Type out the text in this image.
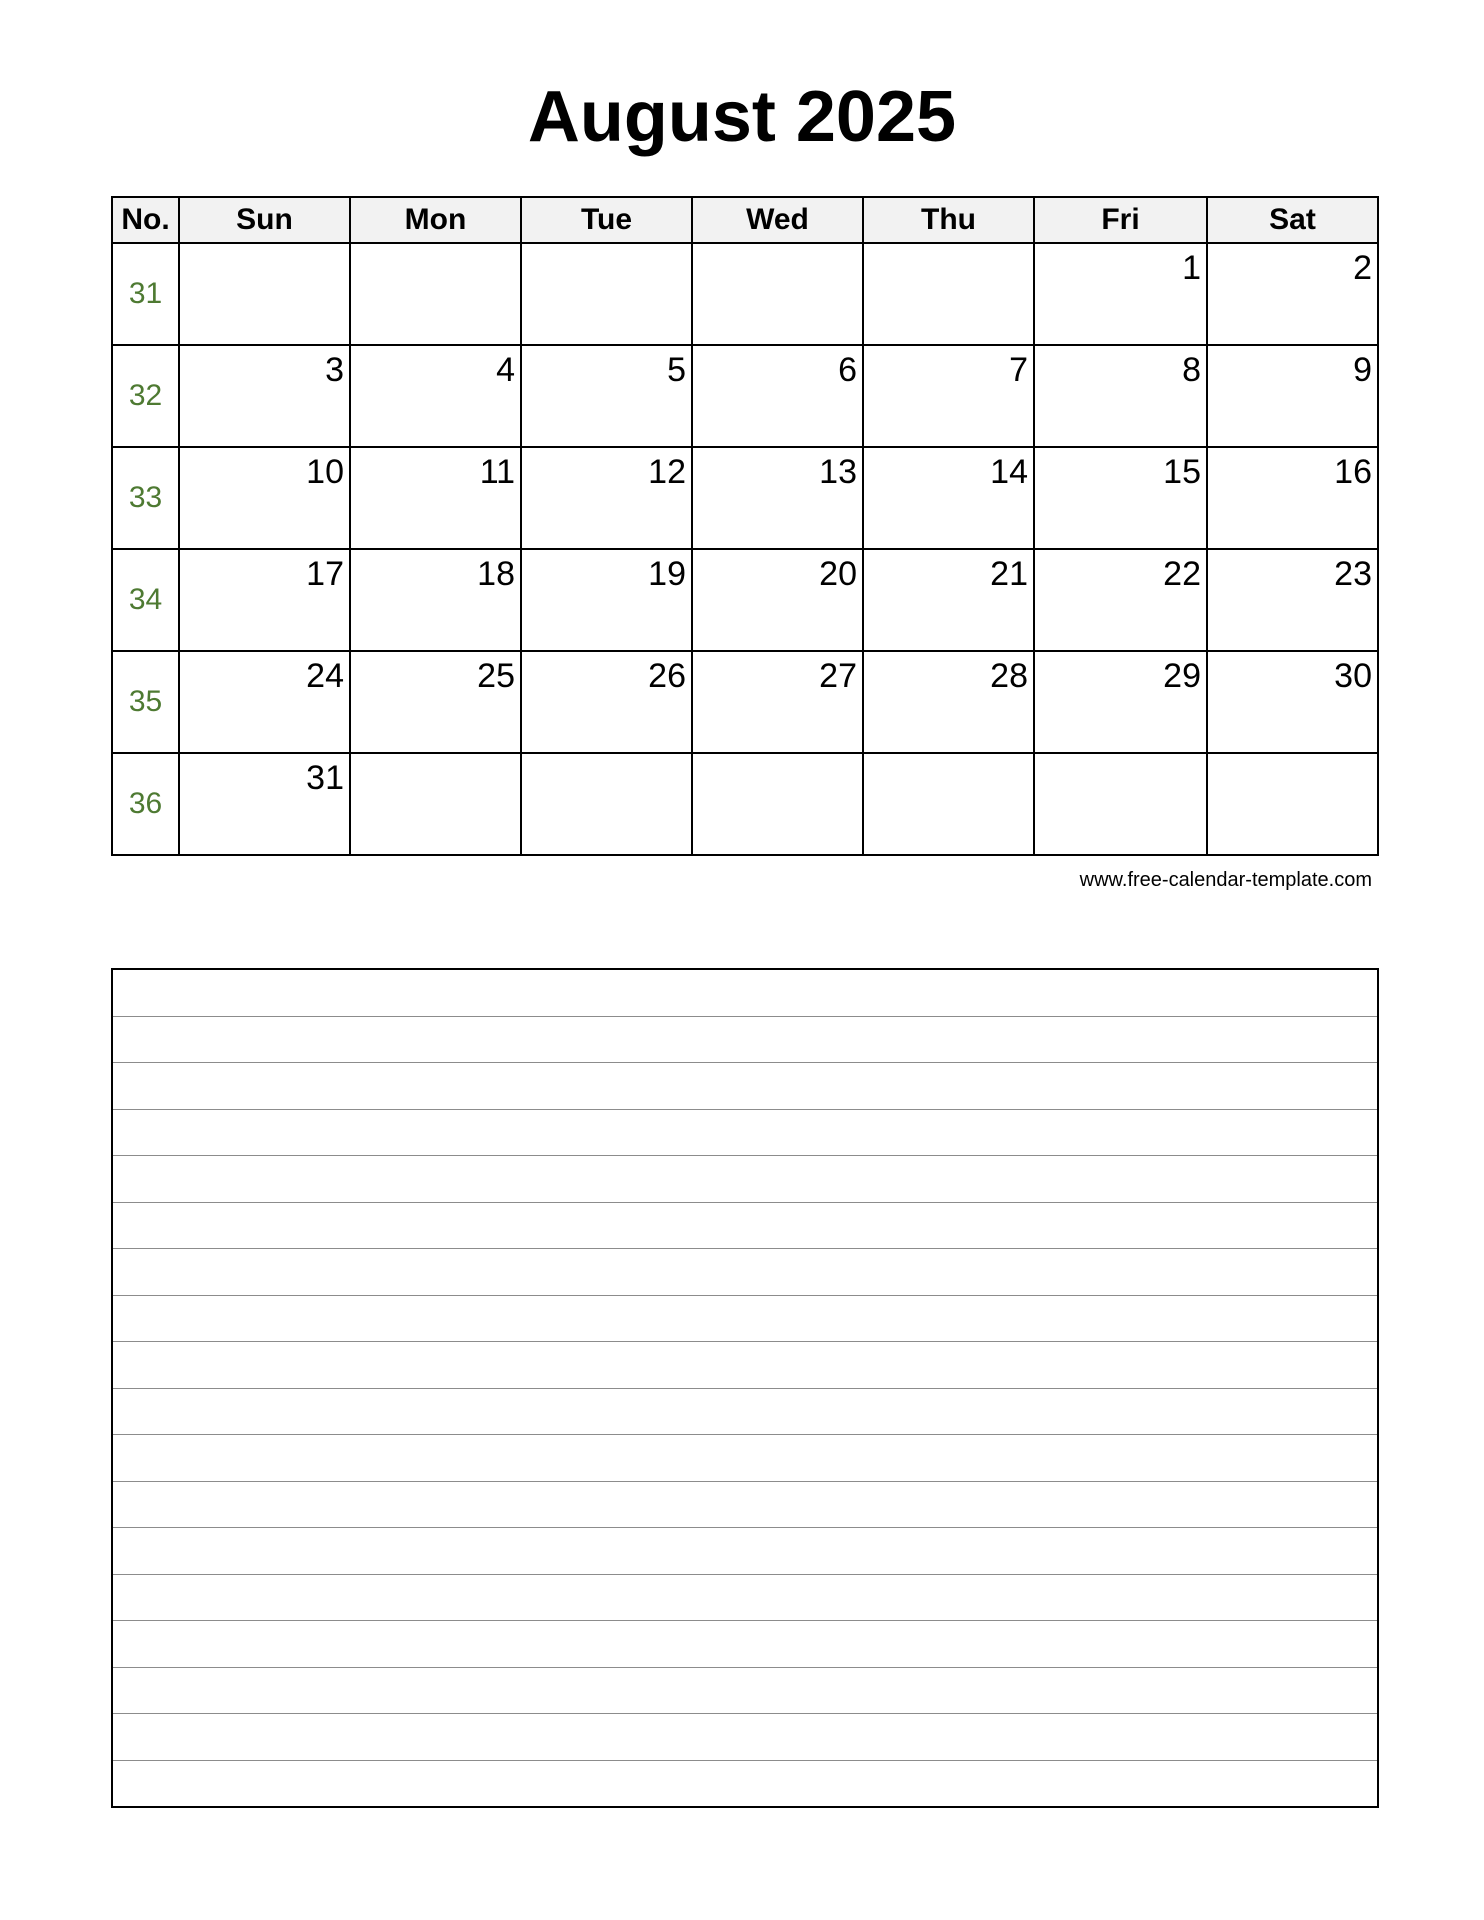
August 2025
No.	Sun	Mon	Tue	Wed	Thu	Fri	Sat
31						1	2

32	3	4	5	6	7	8	9

33	10	11	12	13	14	15	16

34	17	18	19	20	21	22	23

35	24	25	26	27	28	29	30

36	31						

www.free-calendar-template.com
